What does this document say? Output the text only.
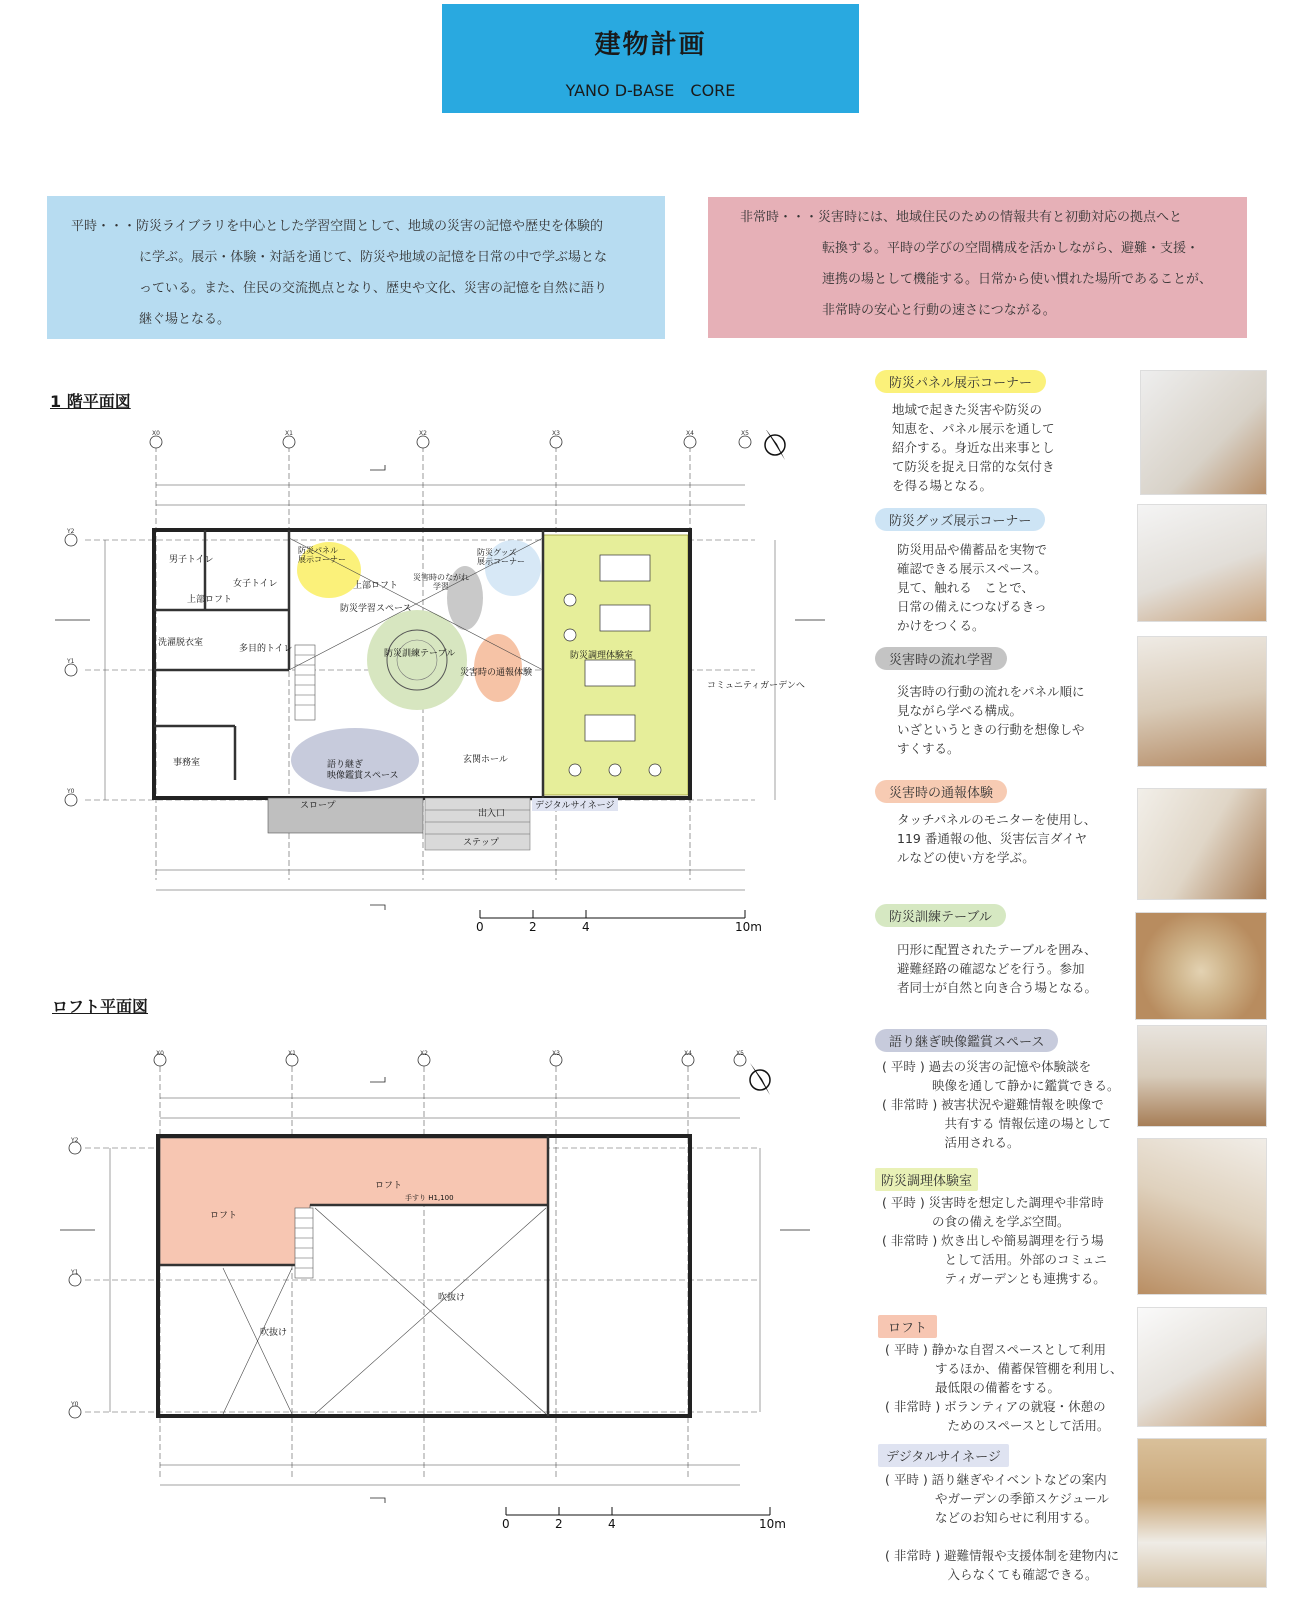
建物計画
YANO D-BASE　CORE
平時・・・防災ライブラリを中心とした学習空間として、地域の災害の記憶や歴史を体験的
に学ぶ。展示・体験・対話を通じて、防災や地域の記憶を日常の中で学ぶ場とな
っている。また、住民の交流拠点となり、歴史や文化、災害の記憶を自然に語り
継ぐ場となる。
非常時・・・災害時には、地域住民のための情報共有と初動対応の拠点へと
転換する。平時の学びの空間構成を活かしながら、避難・支援・
連携の場として機能する。日常から使い慣れた場所であることが、
非常時の安心と行動の速さにつながる。
1 階平面図
X0	X1	X2	X3	X4	X5
Y2
Y1
Y0
男子トイレ
女子トイレ
上部ロフト
洗濯脱衣室
多目的トイレ
事務室
防災パネル
展示コーナー
防災グッズ
展示コーナー
上部ロフト
災害時のながれ
学習
防災学習スペース
防災訓練テーブル
災害時の通報体験
防災調理体験室
語り継ぎ
映像鑑賞スペース
玄関ホール
スロープ
出入口
ステップ
デジタルサイネージ
コミュニティガーデンへ
0	2	4	10m
ロフト平面図
X0	X1	X2	X3	X4	X5
Y2
Y1
Y0
ロフト
ロフト
吹抜け
吹抜け
手すり H1,100
0	2	4	10m
防災パネル展示コーナー
地域で起きた災害や防災の
知恵を、パネル展示を通して
紹介する。身近な出来事とし
て防災を捉え日常的な気付き
を得る場となる。
防災グッズ展示コーナー
防災用品や備蓄品を実物で
確認できる展示スペース。
見て、触れる　ことで、
日常の備えにつなげるきっ
かけをつくる。
災害時の流れ学習
災害時の行動の流れをパネル順に
見ながら学べる構成。
いざというときの行動を想像しや
すくする。
災害時の通報体験
タッチパネルのモニターを使用し、
119 番通報の他、災害伝言ダイヤ
ルなどの使い方を学ぶ。
防災訓練テーブル
円形に配置されたテーブルを囲み、
避難経路の確認などを行う。参加
者同士が自然と向き合う場となる。
語り継ぎ映像鑑賞スペース
( 平時 ) 過去の災害の記憶や体験談を
　　　　映像を通して静かに鑑賞できる。
( 非常時 ) 被害状況や避難情報を映像で
　　　　　共有する 情報伝達の場として
　　　　　活用される。
防災調理体験室
( 平時 ) 災害時を想定した調理や非常時
　　　　の食の備えを学ぶ空間。
( 非常時 ) 炊き出しや簡易調理を行う場
　　　　　として活用。外部のコミュニ
　　　　　ティガーデンとも連携する。
ロフト
( 平時 ) 静かな自習スペースとして利用
　　　　するほか、備蓄保管棚を利用し、
　　　　最低限の備蓄をする。
( 非常時 ) ボランティアの就寝・休憩の
　　　　　ためのスペースとして活用。
デジタルサイネージ
( 平時 ) 語り継ぎやイベントなどの案内
　　　　やガーデンの季節スケジュール
　　　　などのお知らせに利用する。

( 非常時 ) 避難情報や支援体制を建物内に
　　　　　入らなくても確認できる。
